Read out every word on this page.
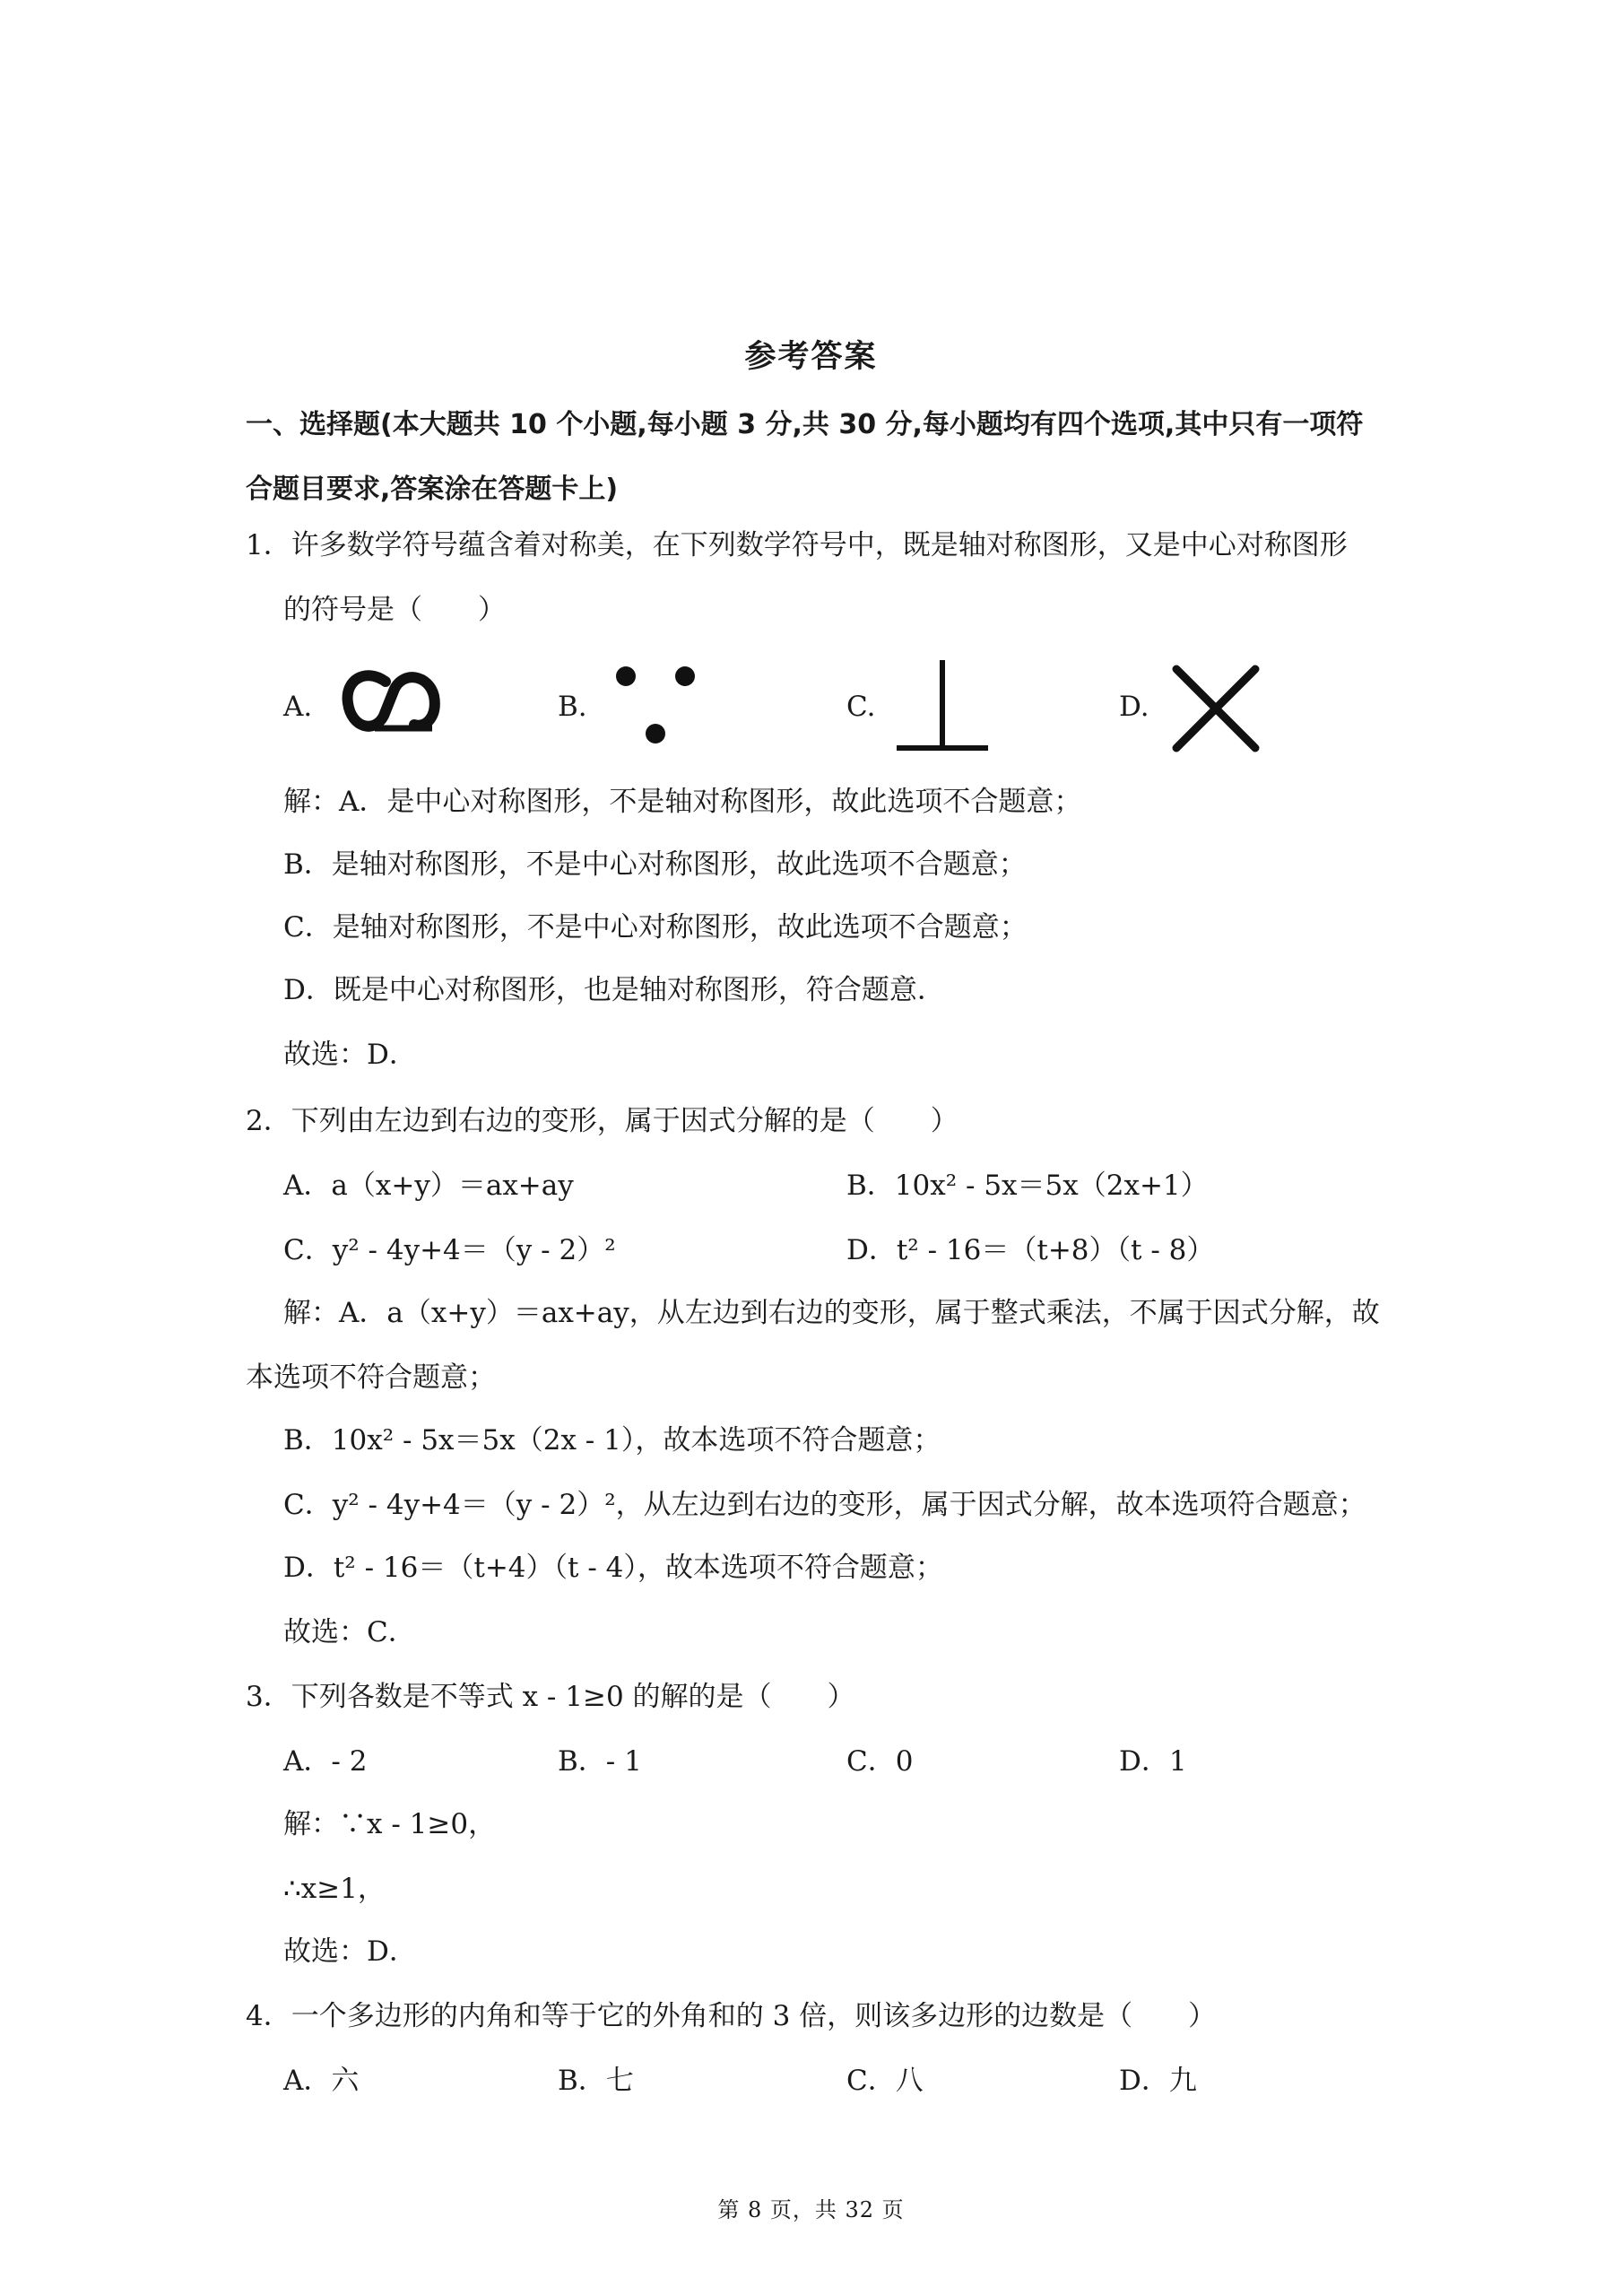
参考答案
一、选择题(本大题共 10 个小题,每小题 3 分,共 30 分,每小题均有四个选项,其中只有一项符合题目要求,答案涂在答题卡上)
1．许多数学符号蕴含着对称美，在下列数学符号中，既是轴对称图形，又是中心对称图形
的符号是（　　）
A.	B.	C.	D.
解：A．是中心对称图形，不是轴对称图形，故此选项不合题意；
B．是轴对称图形，不是中心对称图形，故此选项不合题意；
C．是轴对称图形，不是中心对称图形，故此选项不合题意；
D．既是中心对称图形，也是轴对称图形，符合题意．
故选：D．
2．下列由左边到右边的变形，属于因式分解的是（　　）
A．a（x+y）＝ax+ay	B．10x² - 5x＝5x（2x+1）
C．y² - 4y+4＝（y - 2）²	D．t² - 16＝（t+8）（t - 8）
解：A．a（x+y）＝ax+ay，从左边到右边的变形，属于整式乘法，不属于因式分解，故
本选项不符合题意；
B．10x² - 5x＝5x（2x - 1），故本选项不符合题意；
C．y² - 4y+4＝（y - 2）²，从左边到右边的变形，属于因式分解，故本选项符合题意；
D．t² - 16＝（t+4）（t - 4），故本选项不符合题意；
故选：C．
3．下列各数是不等式 x - 1≥0 的解的是（　　）
A．- 2	B．- 1	C．0	D．1
解：∵x - 1≥0，
∴x≥1，
故选：D．
4．一个多边形的内角和等于它的外角和的 3 倍，则该多边形的边数是（　　）
A．六	B．七	C．八	D．九
第 8 页，共 32 页
